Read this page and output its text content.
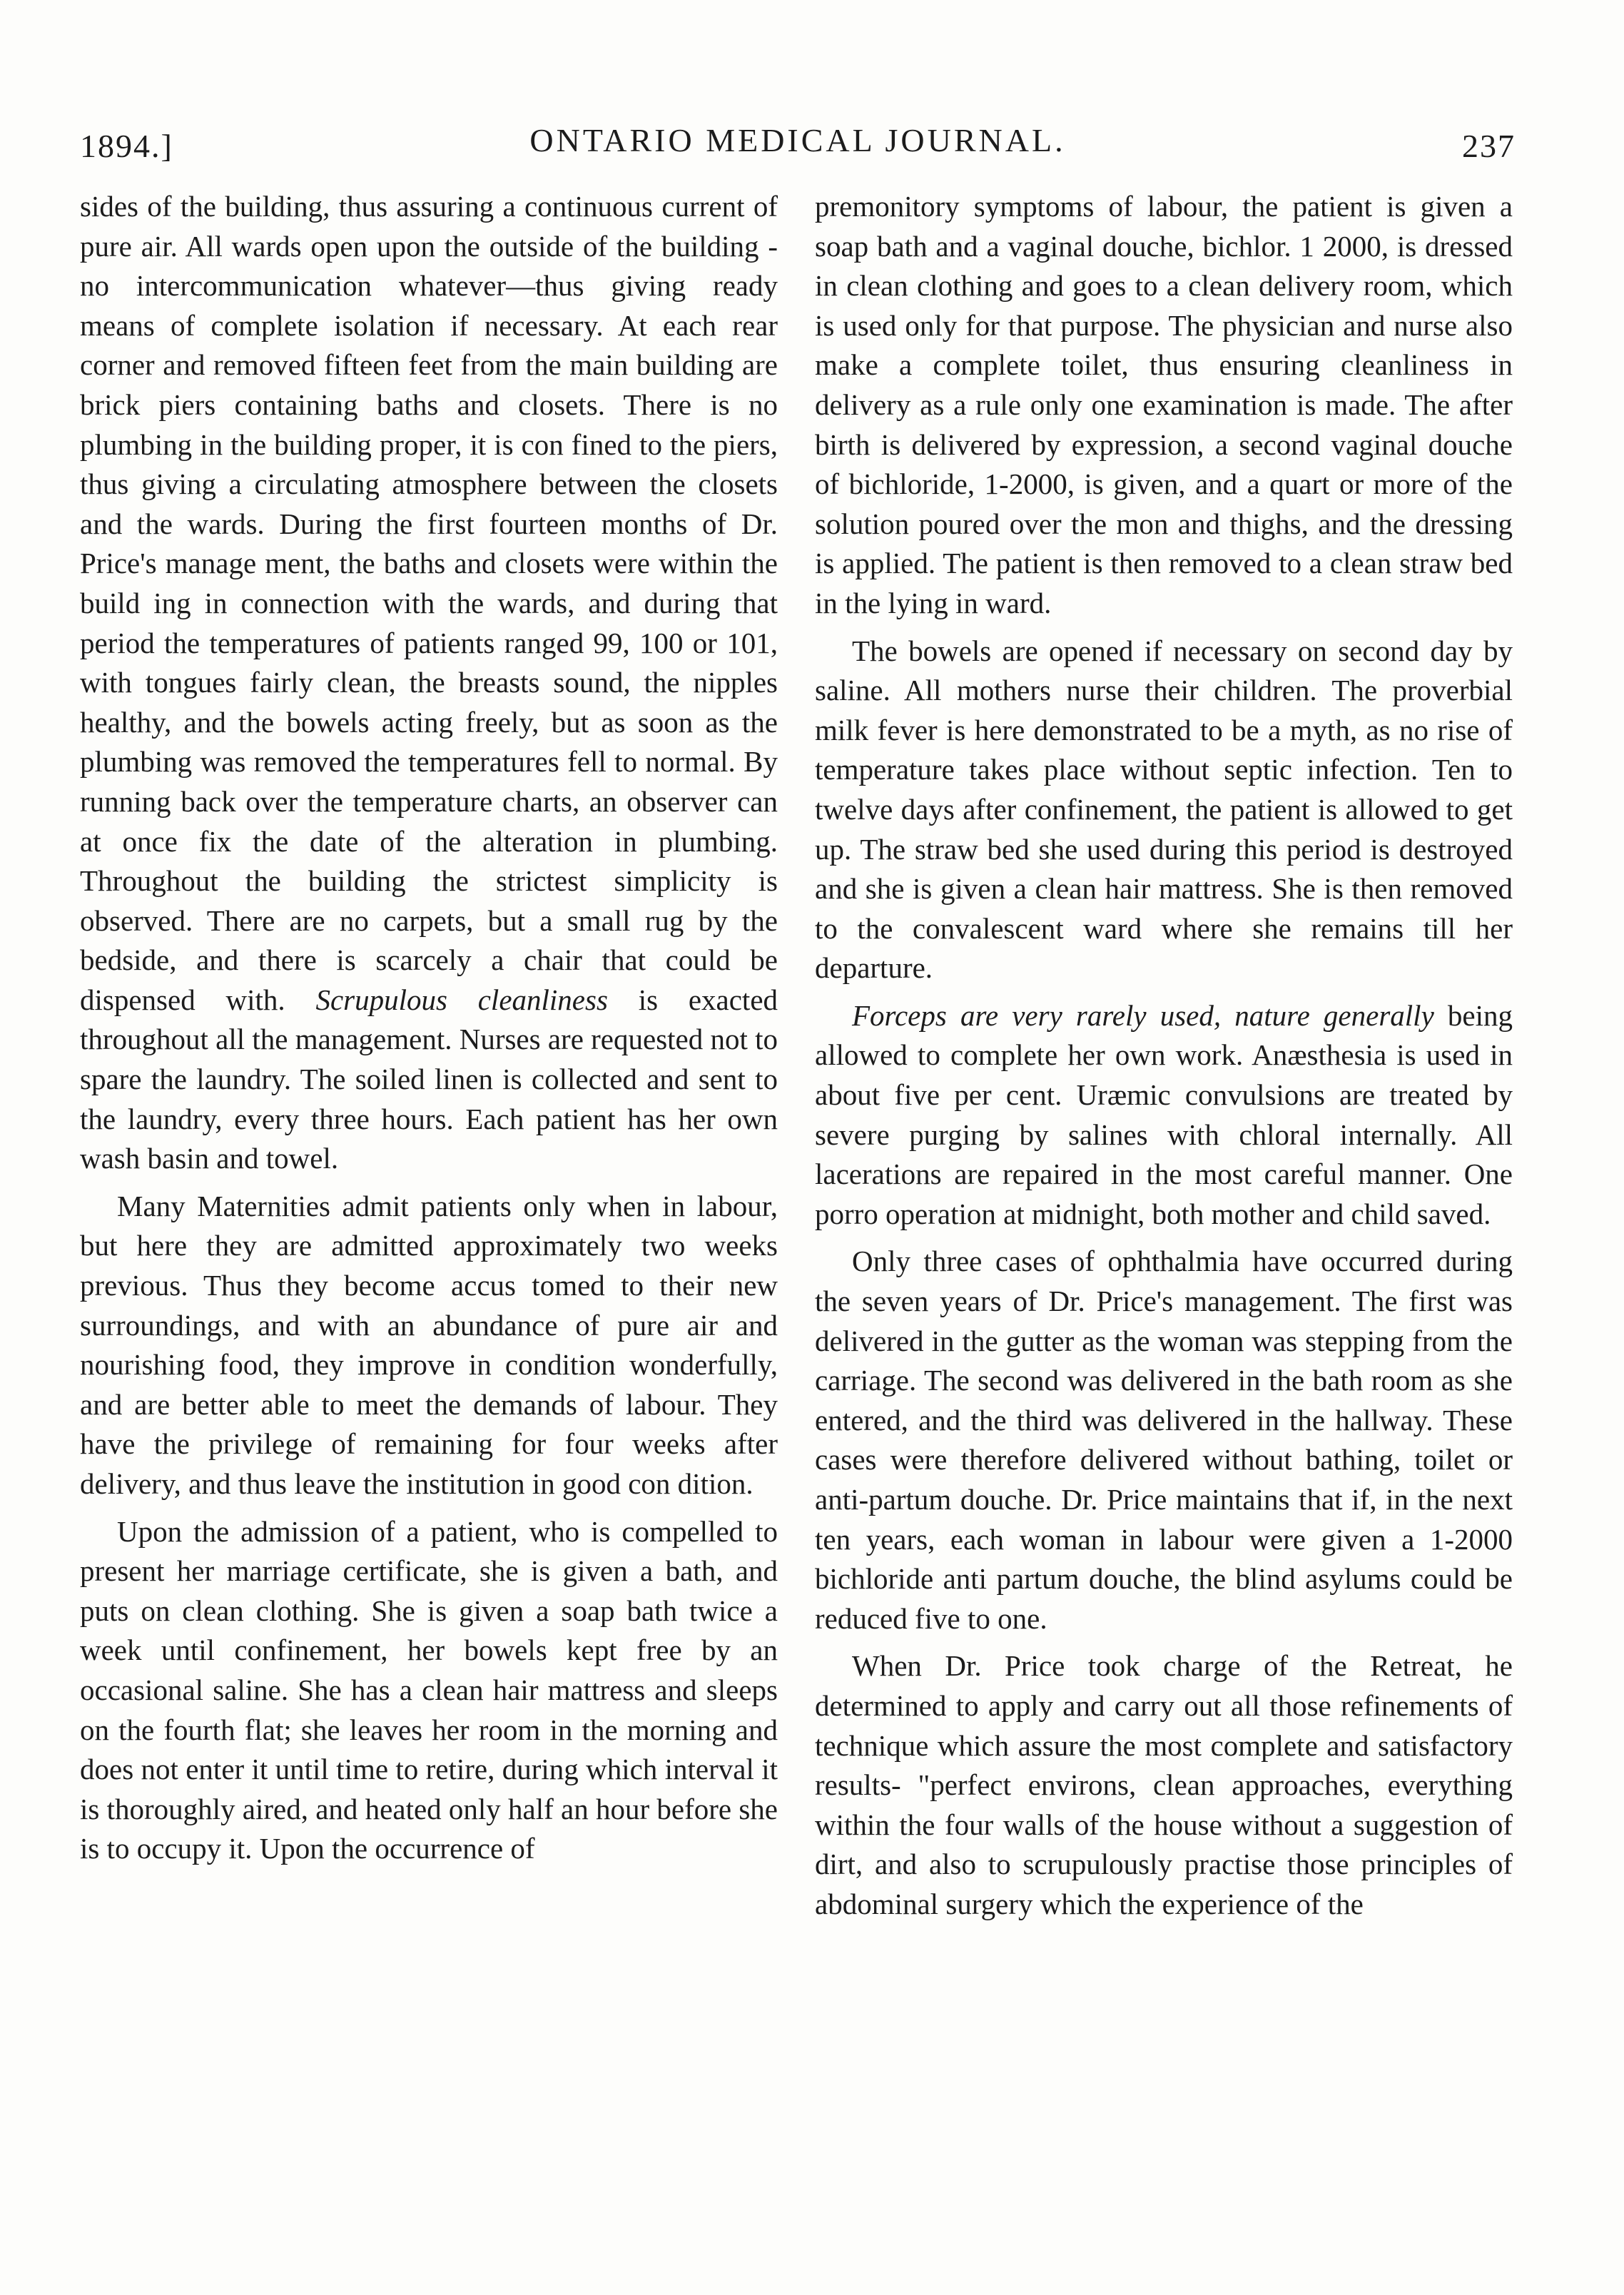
1894.]	ONTARIO MEDICAL JOURNAL.	237

sides of the building, thus assuring a continuous current of pure air. All wards open upon the outside of the building - no intercommunication whatever—thus giving ready means of complete isolation if necessary. At each rear corner and removed fifteen feet from the main building are brick piers containing baths and closets. There is no plumbing in the building proper, it is con fined to the piers, thus giving a circulating atmosphere between the closets and the wards. During the first fourteen months of Dr. Price's manage ment, the baths and closets were within the build ing in connection with the wards, and during that period the temperatures of patients ranged 99, 100 or 101, with tongues fairly clean, the breasts sound, the nipples healthy, and the bowels acting freely, but as soon as the plumbing was removed the temperatures fell to normal. By running back over the temperature charts, an observer can at once fix the date of the alteration in plumbing. Throughout the building the strictest simplicity is observed. There are no carpets, but a small rug by the bedside, and there is scarcely a chair that could be dispensed with. Scrupulous cleanliness is exacted throughout all the management. Nurses are requested not to spare the laundry. The soiled linen is collected and sent to the laundry, every three hours. Each patient has her own wash basin and towel.

Many Maternities admit patients only when in labour, but here they are admitted approximately two weeks previous. Thus they become accus tomed to their new surroundings, and with an abundance of pure air and nourishing food, they improve in condition wonderfully, and are better able to meet the demands of labour. They have the privilege of remaining for four weeks after delivery, and thus leave the institution in good con dition.

Upon the admission of a patient, who is compelled to present her marriage certificate, she is given a bath, and puts on clean clothing. She is given a soap bath twice a week until confinement, her bowels kept free by an occasional saline. She has a clean hair mattress and sleeps on the fourth flat; she leaves her room in the morning and does not enter it until time to retire, during which interval it is thoroughly aired, and heated only half an hour before she is to occupy it. Upon the occurrence of

premonitory symptoms of labour, the patient is given a soap bath and a vaginal douche, bichlor. 1 2000, is dressed in clean clothing and goes to a clean delivery room, which is used only for that purpose. The physician and nurse also make a complete toilet, thus ensuring cleanliness in delivery as a rule only one examination is made. The after birth is delivered by expression, a second vaginal douche of bichloride, 1-2000, is given, and a quart or more of the solution poured over the mon and thighs, and the dressing is applied. The patient is then removed to a clean straw bed in the lying in ward.

The bowels are opened if necessary on second day by saline. All mothers nurse their children. The proverbial milk fever is here demonstrated to be a myth, as no rise of temperature takes place without septic infection. Ten to twelve days after confinement, the patient is allowed to get up. The straw bed she used during this period is destroyed and she is given a clean hair mattress. She is then removed to the convalescent ward where she remains till her departure.

Forceps are very rarely used, nature generally being allowed to complete her own work. Anæsthesia is used in about five per cent. Uræmic convulsions are treated by severe purging by salines with chloral internally. All lacerations are repaired in the most careful manner. One porro operation at midnight, both mother and child saved.

Only three cases of ophthalmia have occurred during the seven years of Dr. Price's management. The first was delivered in the gutter as the woman was stepping from the carriage. The second was delivered in the bath room as she entered, and the third was delivered in the hallway. These cases were therefore delivered without bathing, toilet or anti-partum douche. Dr. Price maintains that if, in the next ten years, each woman in labour were given a 1-2000 bichloride anti partum douche, the blind asylums could be reduced five to one.

When Dr. Price took charge of the Retreat, he determined to apply and carry out all those refinements of technique which assure the most complete and satisfactory results- "perfect environs, clean approaches, everything within the four walls of the house without a suggestion of dirt, and also to scrupulously practise those principles of abdominal surgery which the experience of the
